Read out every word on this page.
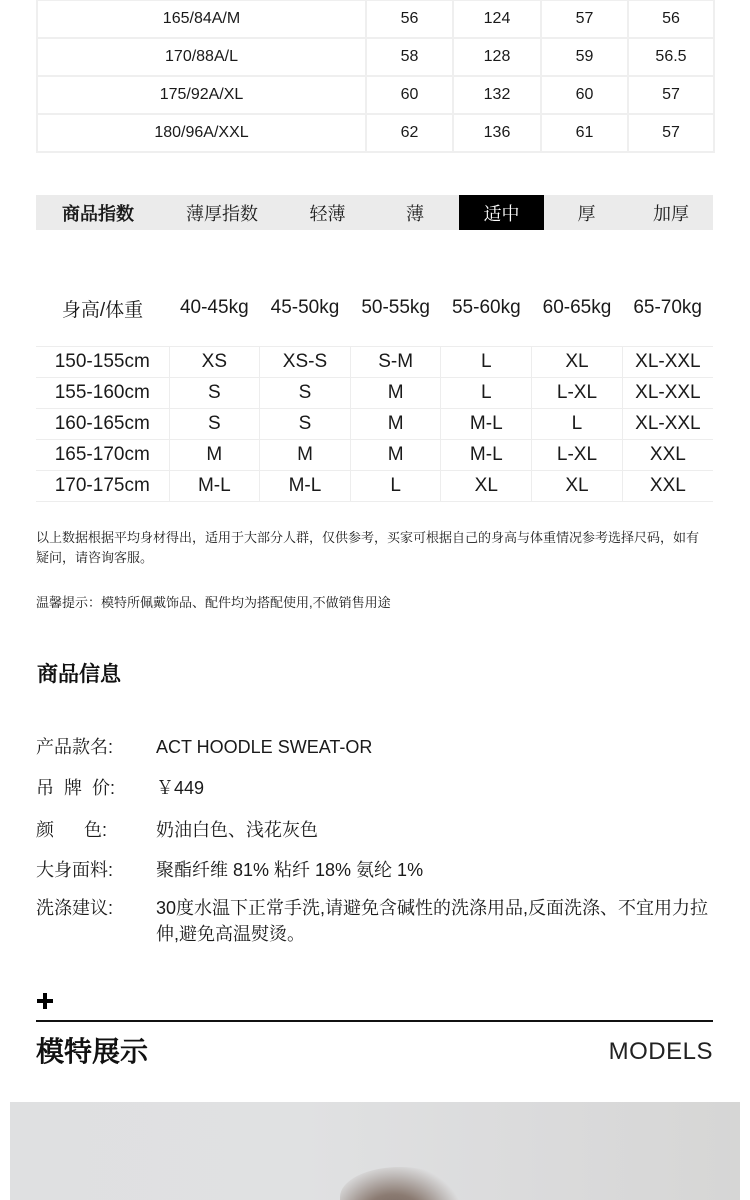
165/84A/M	56	124	57	56
170/88A/L	58	128	59	56.5
175/92A/XL	60	132	60	57
180/96A/XXL	62	136	61	57
商品指数	薄厚指数	轻薄	薄	适中	厚	加厚
身高/体重	40-45kg	45-50kg	50-55kg	55-60kg	60-65kg	65-70kg
150-155cm	XS	XS-S	S-M	L	XL	XL-XXL
155-160cm	S	S	M	L	L-XL	XL-XXL
160-165cm	S	S	M	M-L	L	XL-XXL
165-170cm	M	M	M	M-L	L-XL	XXL
170-175cm	M-L	M-L	L	XL	XL	XXL

以上数据根据平均身材得出，适用于大部分人群，仅供参考，买家可根据自己的身高与体重情况参考选择尺码，如有疑问，请咨询客服。

温馨提示：模特所佩戴饰品、配件均为搭配使用,不做销售用途

商品信息
产品款名:	ACT HOODLE SWEAT-OR
吊  牌  价:	￥449
颜      色:	奶油白色、浅花灰色
大身面料:	聚酯纤维 81% 粘纤 18% 氨纶 1%
洗涤建议:	30度水温下正常手洗,请避免含碱性的洗涤用品,反面洗涤、不宜用力拉伸,避免高温熨烫。
模特展示	MODELS
